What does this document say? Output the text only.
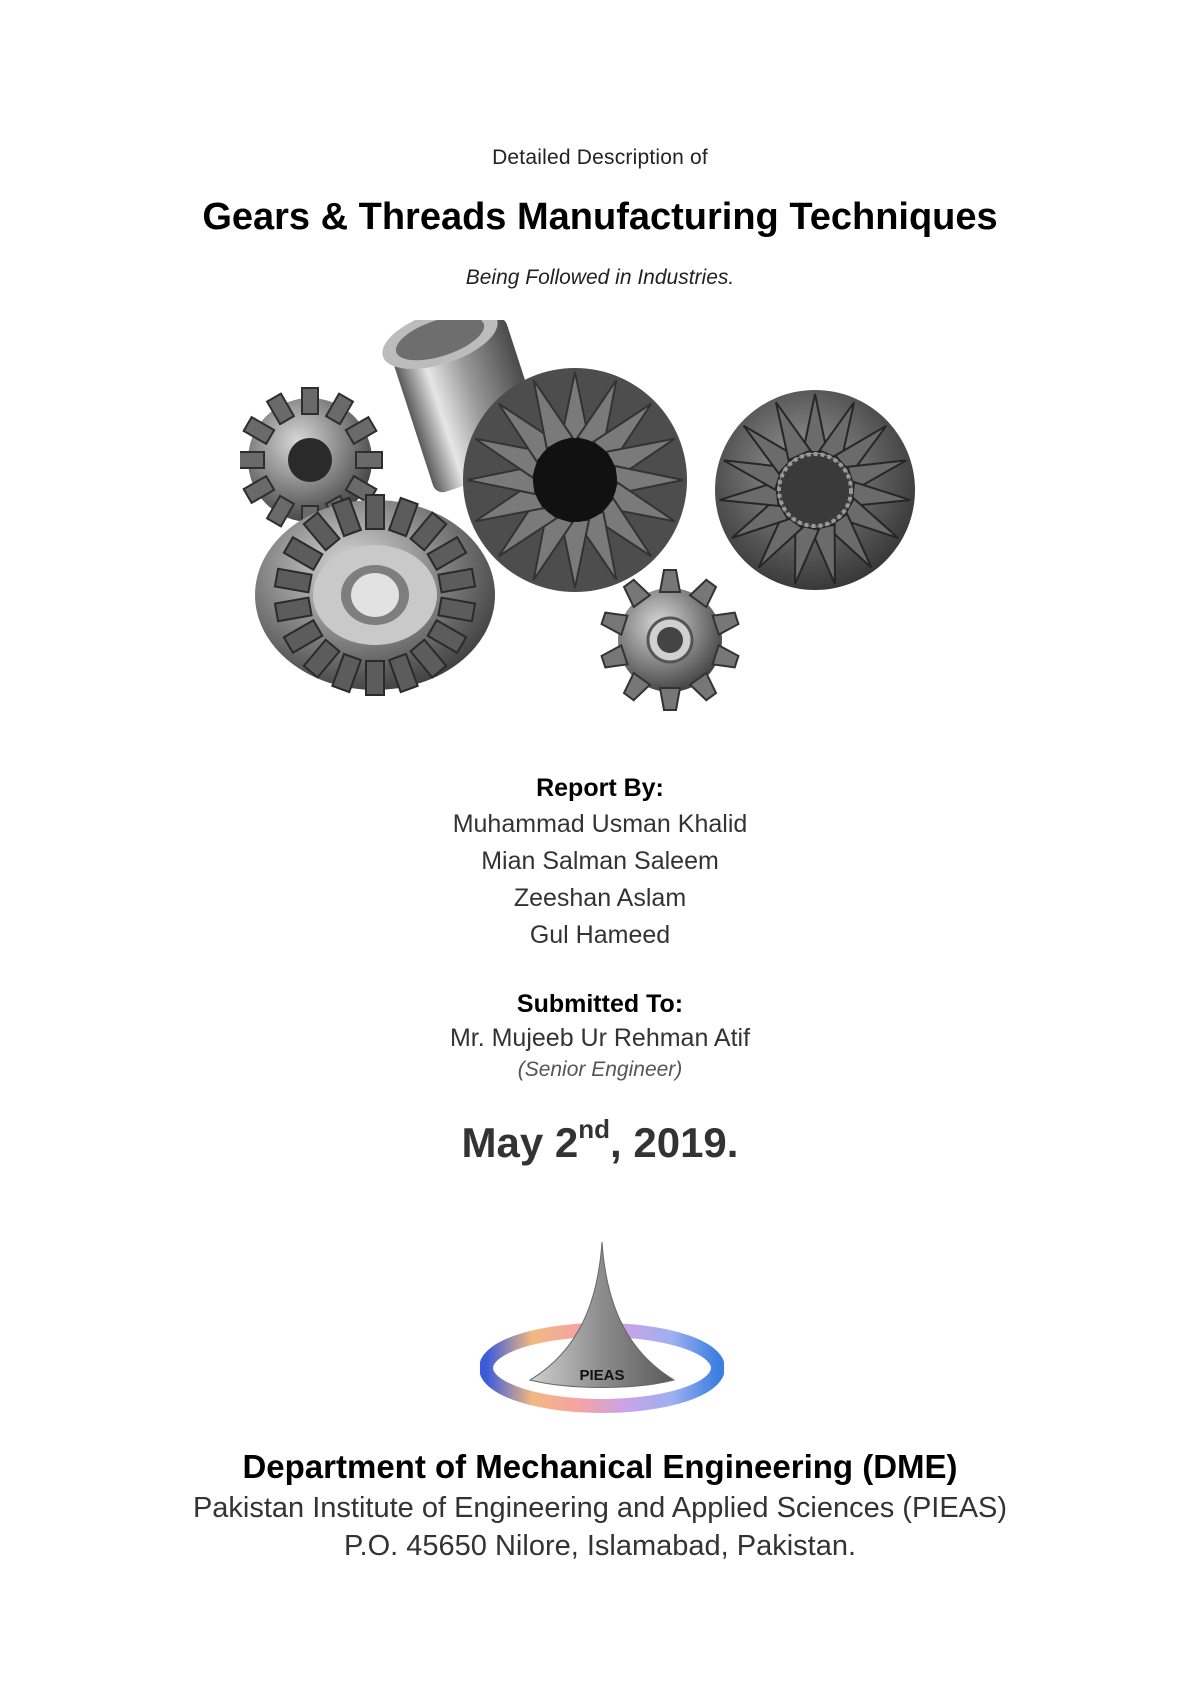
Detailed Description of
Gears & Threads Manufacturing Techniques
Being Followed in Industries.
Report By:
Muhammad Usman Khalid
Mian Salman Saleem
Zeeshan Aslam
Gul Hameed
Submitted To:
Mr. Mujeeb Ur Rehman Atif
(Senior Engineer)
May 2nd, 2019.
PIEAS
Department of Mechanical Engineering (DME)
Pakistan Institute of Engineering and Applied Sciences (PIEAS)
P.O. 45650 Nilore, Islamabad, Pakistan.
